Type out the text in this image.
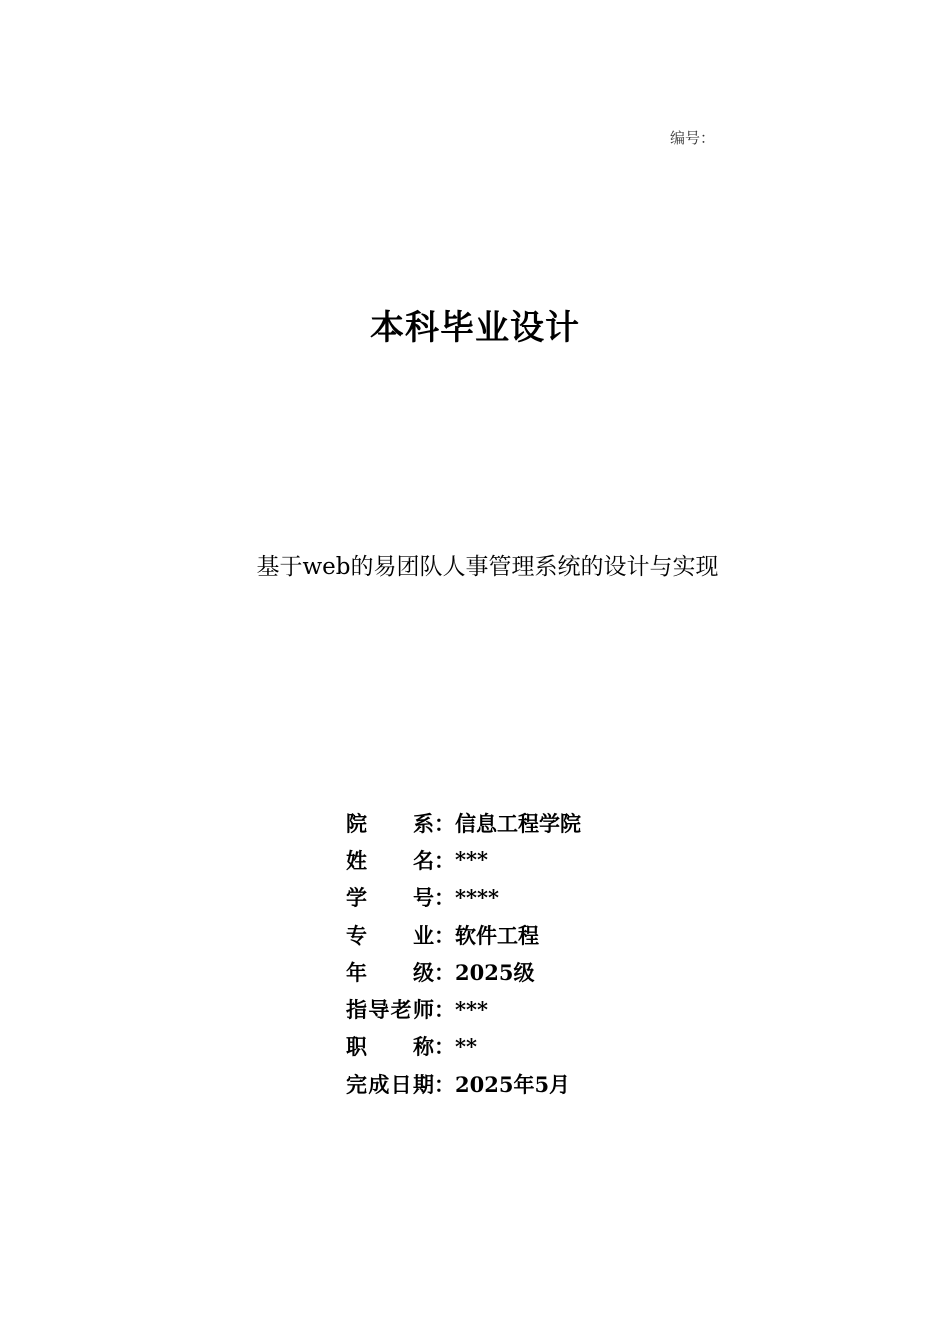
编号：
本科毕业设计
基于web的易团队人事管理系统的设计与实现
院　系 ： 信息工程学院
姓　名 ： ***
学　号 ： ****
专　业 ： 软件工程
年　级 ： 2025级
指导老师 ： ***
职　称 ： **
完成日期 ： 2025年5月
